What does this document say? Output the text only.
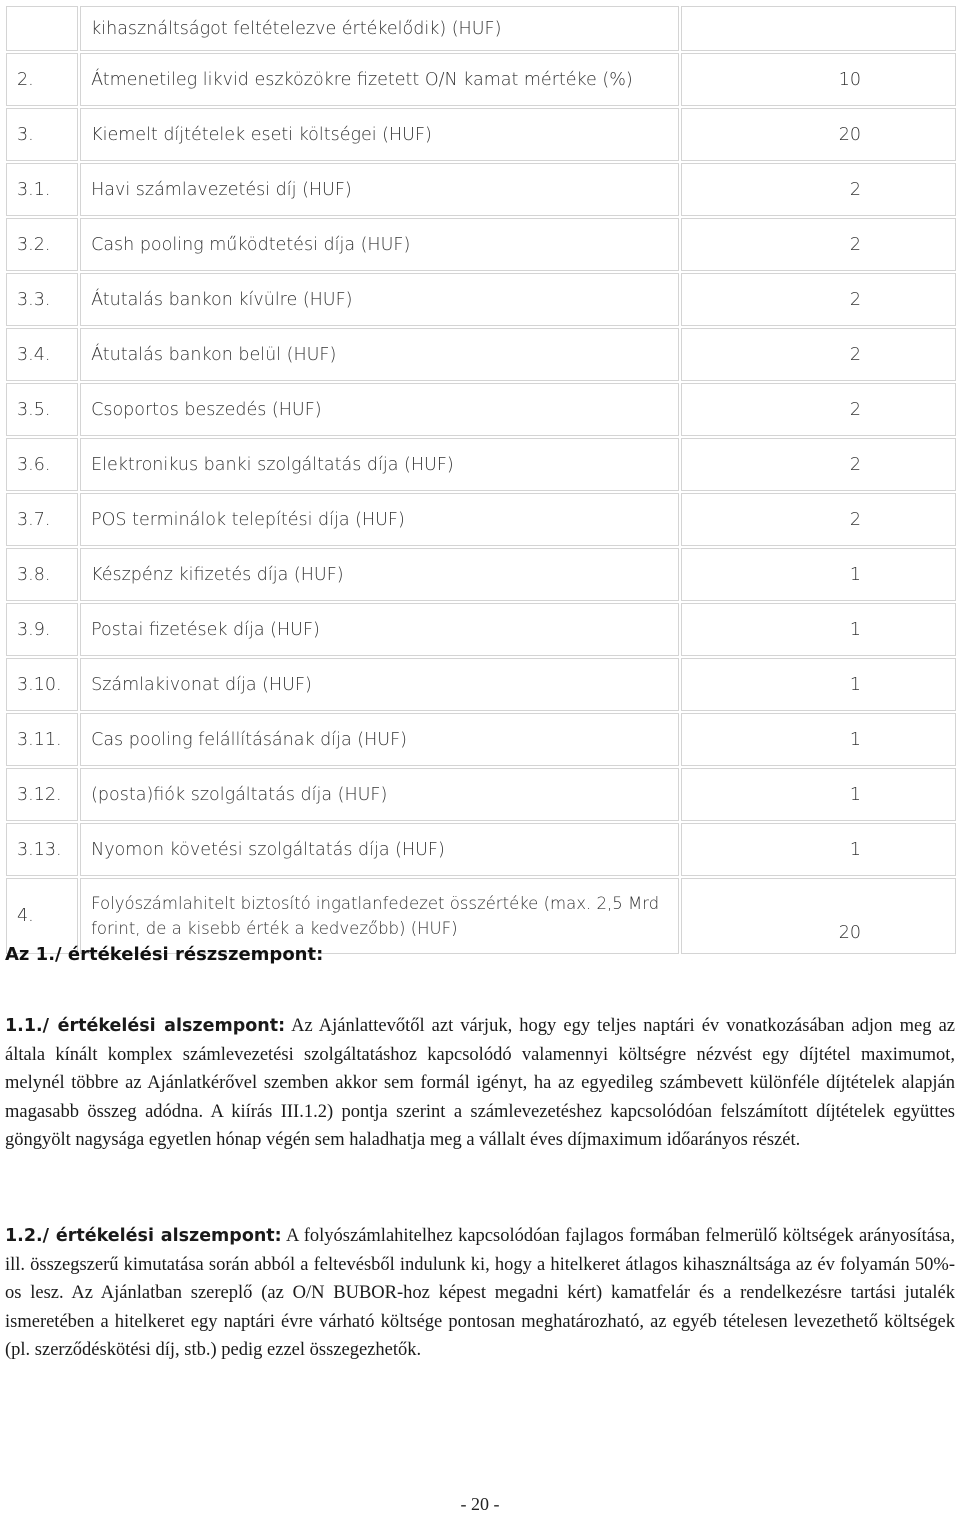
	kihasználtságot feltételezve értékelődik) (HUF)	
2.	Átmenetileg likvid eszközökre fizetett O/N kamat mértéke (%)	10
3.	Kiemelt díjtételek eseti költségei (HUF)	20
3.1.	Havi számlavezetési díj (HUF)	2
3.2.	Cash pooling működtetési díja (HUF)	2
3.3.	Átutalás bankon kívülre (HUF)	2
3.4.	Átutalás bankon belül (HUF)	2
3.5.	Csoportos beszedés (HUF)	2
3.6.	Elektronikus banki szolgáltatás díja (HUF)	2
3.7.	POS terminálok telepítési díja (HUF)	2
3.8.	Készpénz kifizetés díja (HUF)	1
3.9.	Postai fizetések díja (HUF)	1
3.10.	Számlakivonat díja (HUF)	1
3.11.	Cas pooling felállításának díja (HUF)	1
3.12.	(posta)fiók szolgáltatás díja (HUF)	1
3.13.	Nyomon követési szolgáltatás díja (HUF)	1
4.	Folyószámlahitelt biztosító ingatlanfedezet összértéke (max. 2,5 Mrd forint, de a kisebb érték a kedvezőbb) (HUF)	20
Az 1./ értékelési részszempont:

1.1./ értékelési alszempont: Az Ajánlattevőtől azt várjuk, hogy egy teljes naptári év vonatkozásában adjon meg az általa kínált komplex számlevezetési szolgáltatáshoz kapcsolódó valamennyi költségre nézvést egy díjtétel maximumot, melynél többre az Ajánlatkérővel szemben akkor sem formál igényt, ha az egyedileg számbevett különféle díjtételek alapján magasabb összeg adódna. A kiírás III.1.2) pontja szerint a számlevezetéshez kapcsolódóan felszámított díjtételek együttes göngyölt nagysága egyetlen hónap végén sem haladhatja meg a vállalt éves díjmaximum időarányos részét.

1.2./ értékelési alszempont: A folyószámlahitelhez kapcsolódóan fajlagos formában felmerülő költségek arányosítása, ill. összegszerű kimutatása során abból a feltevésből indulunk ki, hogy a hitelkeret átlagos kihasználtsága az év folyamán 50%-os lesz. Az Ajánlatban szereplő (az O/N BUBOR-hoz képest megadni kért) kamatfelár és a rendelkezésre tartási jutalék ismeretében a hitelkeret egy naptári évre várható költsége pontosan meghatározható, az egyéb tételesen levezethető költségek (pl. szerződéskötési díj, stb.) pedig ezzel összegezhetők.

- 20 -
